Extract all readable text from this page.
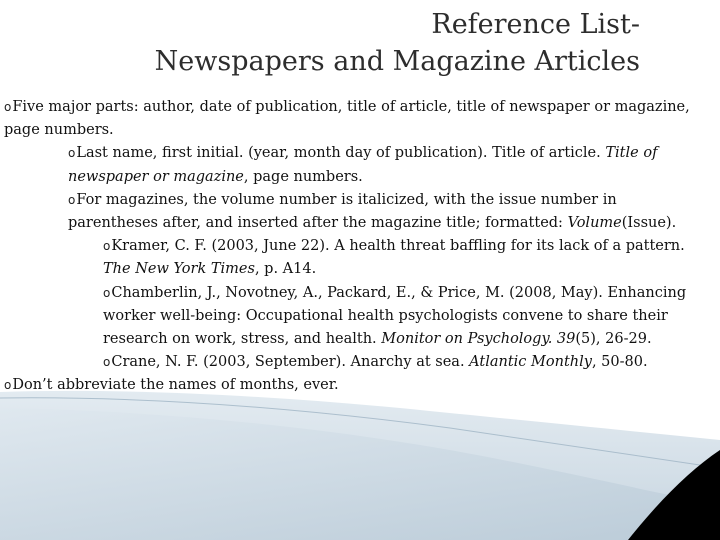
Reference List-
Newspapers and Magazine Articles

oFive major parts: author, date of publication, title of article, title of newspaper or magazine, page numbers.

oLast name, first initial. (year, month day of publication). Title of article. Title of newspaper or magazine, page numbers.

oFor magazines, the volume number is italicized, with the issue number in parentheses after, and inserted after the magazine title; formatted: Volume(Issue).

oKramer, C. F. (2003, June 22). A health threat baffling for its lack of a pattern. The New York Times, p. A14.

oChamberlin, J., Novotney, A., Packard, E., & Price, M. (2008, May). Enhancing worker well-being: Occupational health psychologists convene to share their research on work, stress, and health. Monitor on Psychology. 39(5), 26-29.

oCrane, N. F. (2003, September). Anarchy at sea. Atlantic Monthly, 50-80.

oDon’t abbreviate the names of months, ever.
